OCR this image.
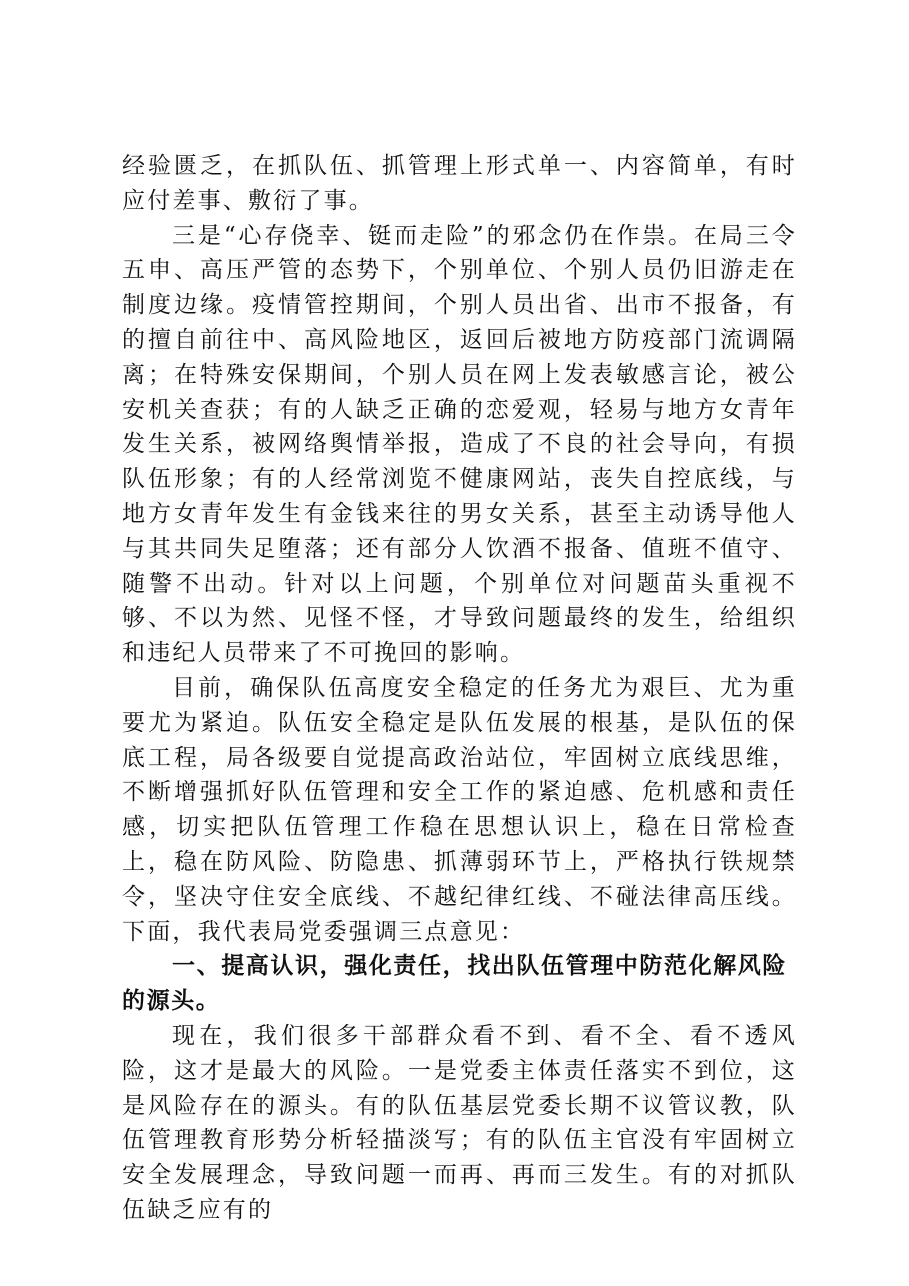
经验匮乏，在抓队伍、抓管理上形式单一、内容简单，有时应付差事、敷衍了事。

三是“心存侥幸、铤而走险”的邪念仍在作祟。在局三令五申、高压严管的态势下，个别单位、个别人员仍旧游走在制度边缘。疫情管控期间，个别人员出省、出市不报备，有的擅自前往中、高风险地区，返回后被地方防疫部门流调隔离；在特殊安保期间，个别人员在网上发表敏感言论，被公安机关查获；有的人缺乏正确的恋爱观，轻易与地方女青年发生关系，被网络舆情举报，造成了不良的社会导向，有损队伍形象；有的人经常浏览不健康网站，丧失自控底线，与地方女青年发生有金钱来往的男女关系，甚至主动诱导他人与其共同失足堕落；还有部分人饮酒不报备、值班不值守、随警不出动。针对以上问题，个别单位对问题苗头重视不够、不以为然、见怪不怪，才导致问题最终的发生，给组织和违纪人员带来了不可挽回的影响。

目前，确保队伍高度安全稳定的任务尤为艰巨、尤为重要尤为紧迫。队伍安全稳定是队伍发展的根基，是队伍的保底工程，局各级要自觉提高政治站位，牢固树立底线思维，不断增强抓好队伍管理和安全工作的紧迫感、危机感和责任感，切实把队伍管理工作稳在思想认识上，稳在日常检查上，稳在防风险、防隐患、抓薄弱环节上，严格执行铁规禁令，坚决守住安全底线、不越纪律红线、不碰法律高压线。下面，我代表局党委强调三点意见：

一、提高认识，强化责任，找出队伍管理中防范化解风险的源头。

现在，我们很多干部群众看不到、看不全、看不透风险，这才是最大的风险。一是党委主体责任落实不到位，这是风险存在的源头。有的队伍基层党委长期不议管议教，队伍管理教育形势分析轻描淡写；有的队伍主官没有牢固树立安全发展理念，导致问题一而再、再而三发生。有的对抓队伍缺乏应有的
